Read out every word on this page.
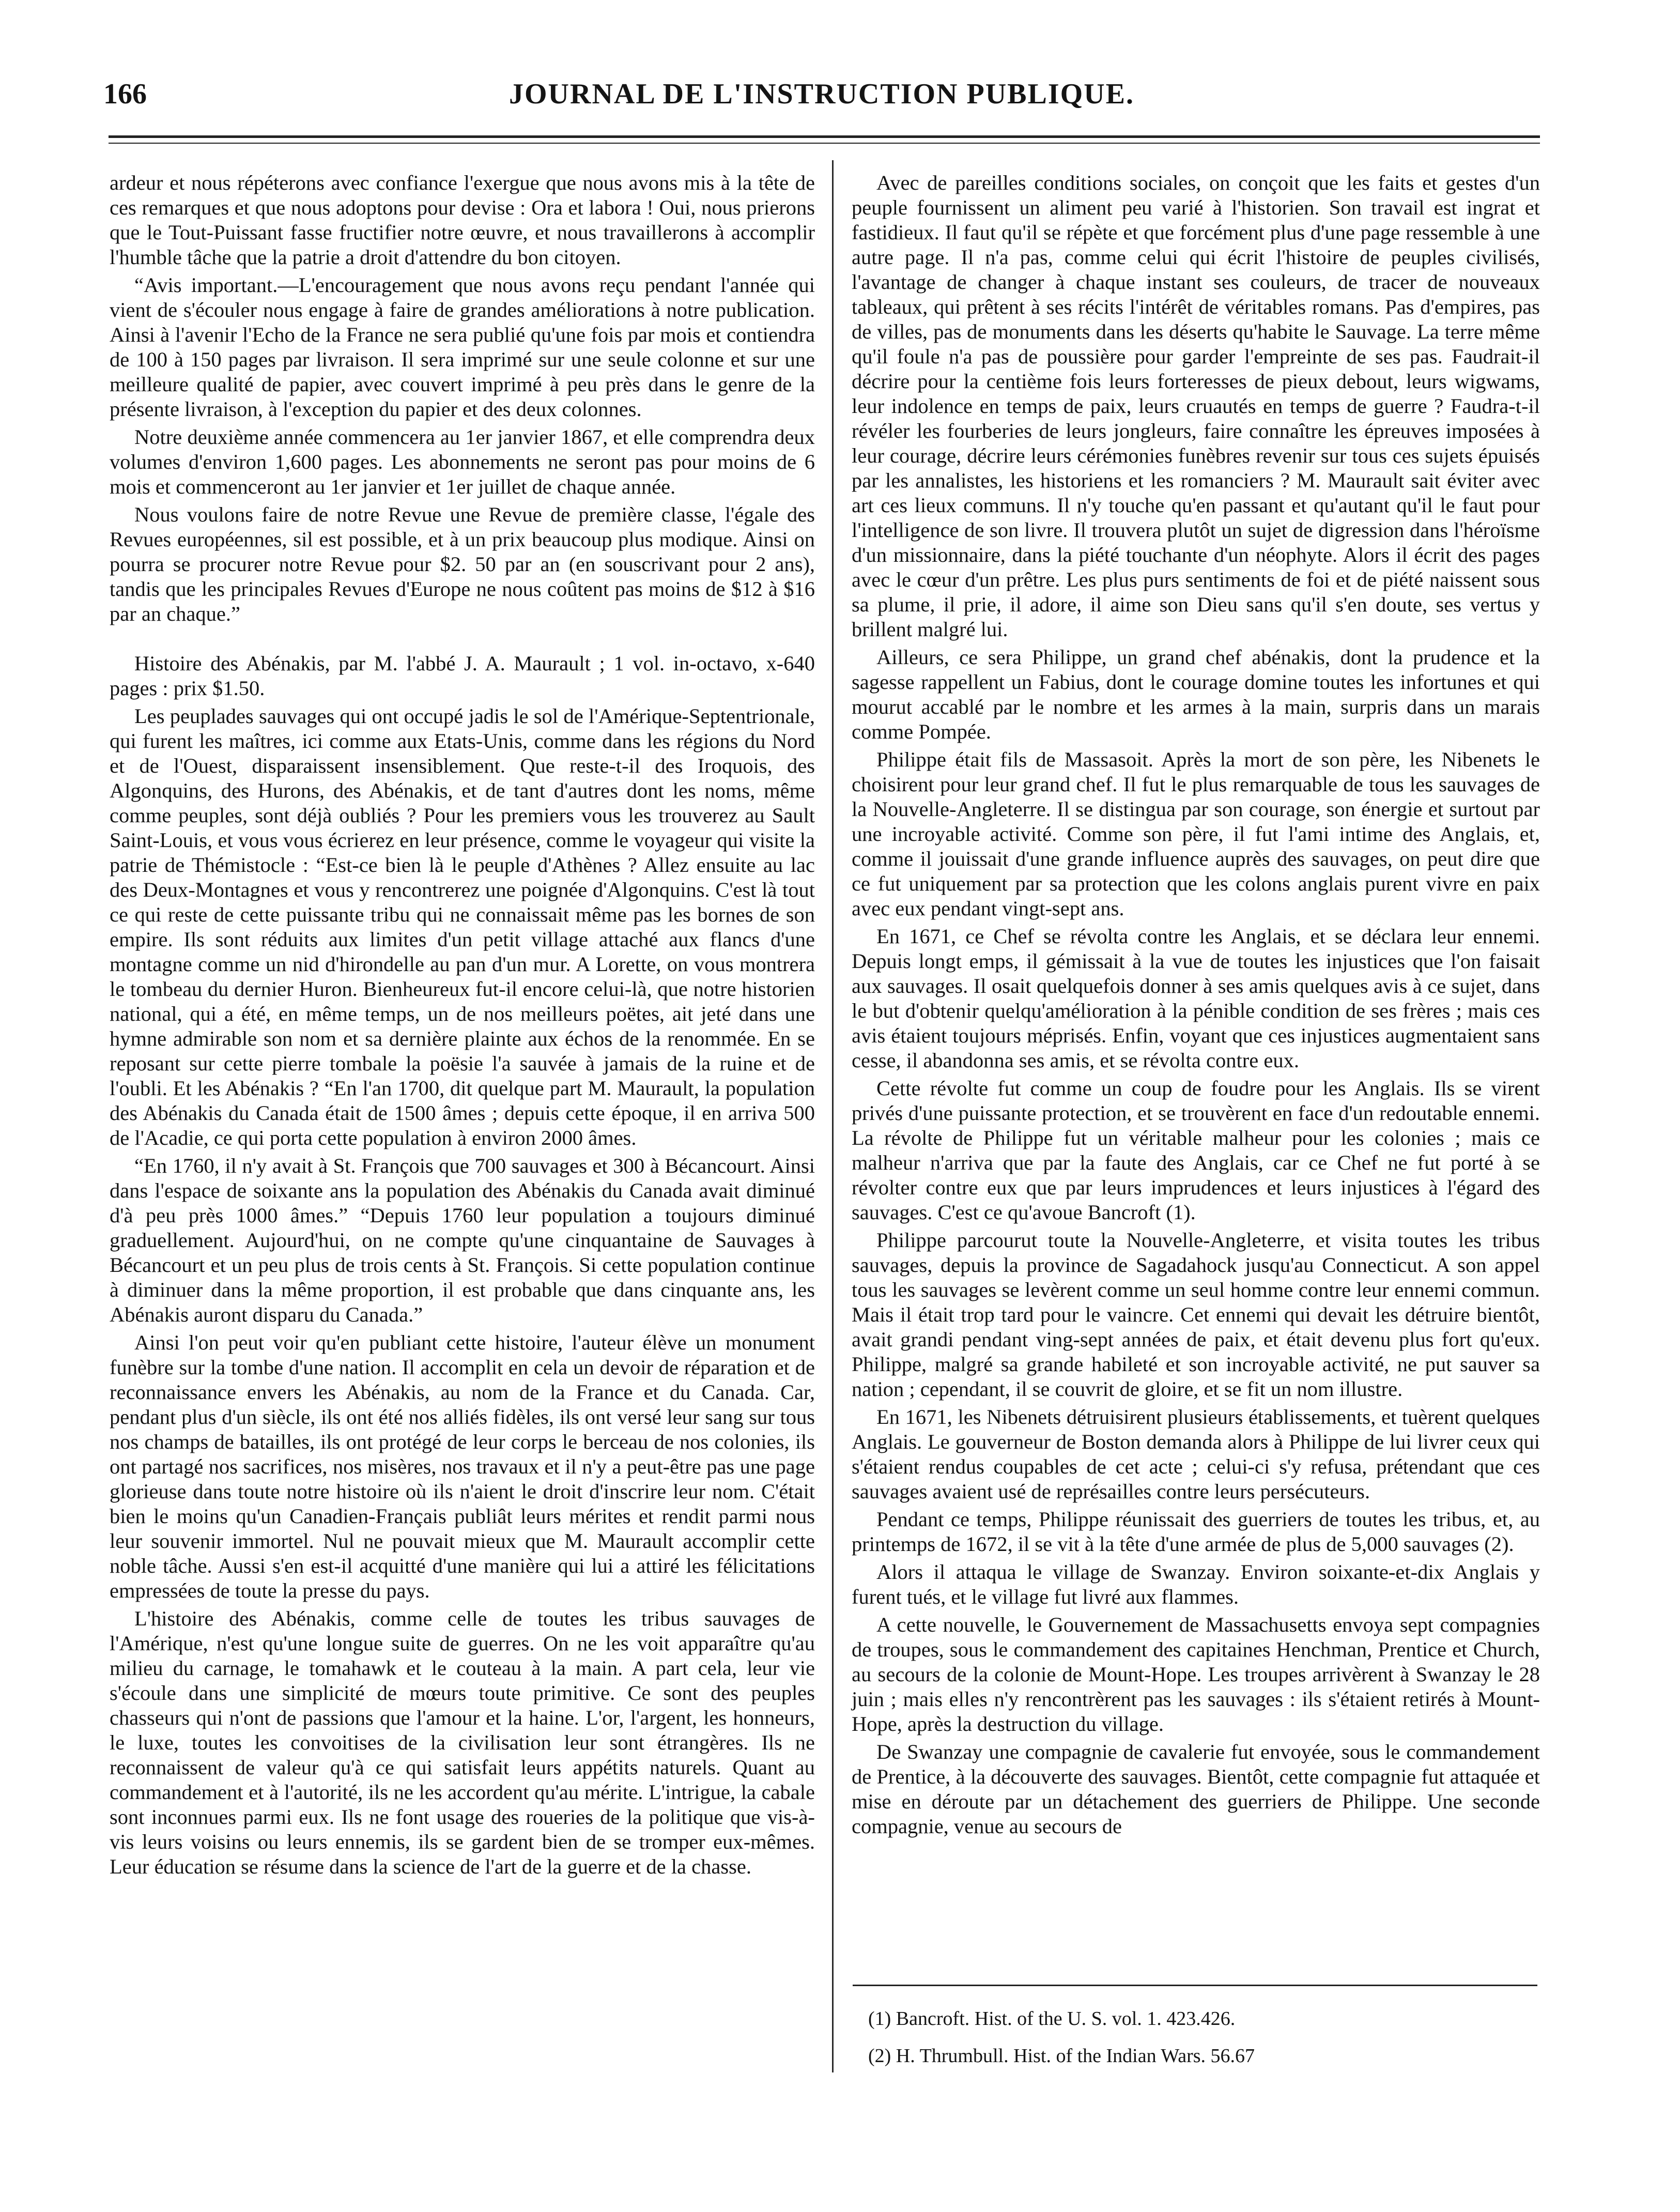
166	JOURNAL DE L'INSTRUCTION PUBLIQUE.

ardeur et nous répéterons avec confiance l'exergue que nous avons mis à la tête de ces remarques et que nous adoptons pour devise : Ora et labora ! Oui, nous prierons que le Tout-Puissant fasse fructifier notre œuvre, et nous travaillerons à accomplir l'humble tâche que la patrie a droit d'attendre du bon citoyen.

“Avis important.—L'encouragement que nous avons reçu pendant l'année qui vient de s'écouler nous engage à faire de grandes améliorations à notre publication. Ainsi à l'avenir l'Echo de la France ne sera publié qu'une fois par mois et contiendra de 100 à 150 pages par livraison. Il sera imprimé sur une seule colonne et sur une meilleure qualité de papier, avec couvert imprimé à peu près dans le genre de la présente livraison, à l'exception du papier et des deux colonnes.

Notre deuxième année commencera au 1er janvier 1867, et elle comprendra deux volumes d'environ 1,600 pages. Les abonnements ne seront pas pour moins de 6 mois et commenceront au 1er janvier et 1er juillet de chaque année.

Nous voulons faire de notre Revue une Revue de première classe, l'égale des Revues européennes, sil est possible, et à un prix beaucoup plus modique. Ainsi on pourra se procurer notre Revue pour $2. 50 par an (en souscrivant pour 2 ans), tandis que les principales Revues d'Europe ne nous coûtent pas moins de $12 à $16 par an chaque.”

Histoire des Abénakis, par M. l'abbé J. A. Maurault ; 1 vol. in-octavo, x-640 pages : prix $1.50.

Les peuplades sauvages qui ont occupé jadis le sol de l'Amérique-Septentrionale, qui furent les maîtres, ici comme aux Etats-Unis, comme dans les régions du Nord et de l'Ouest, disparaissent insensiblement. Que reste-t-il des Iroquois, des Algonquins, des Hurons, des Abénakis, et de tant d'autres dont les noms, même comme peuples, sont déjà oubliés ? Pour les premiers vous les trouverez au Sault Saint-Louis, et vous vous écrierez en leur présence, comme le voyageur qui visite la patrie de Thémistocle : “Est-ce bien là le peuple d'Athènes ? Allez ensuite au lac des Deux-Montagnes et vous y rencontrerez une poignée d'Algonquins. C'est là tout ce qui reste de cette puissante tribu qui ne connaissait même pas les bornes de son empire. Ils sont réduits aux limites d'un petit village attaché aux flancs d'une montagne comme un nid d'hirondelle au pan d'un mur. A Lorette, on vous montrera le tombeau du dernier Huron. Bienheureux fut-il encore celui-là, que notre historien national, qui a été, en même temps, un de nos meilleurs poëtes, ait jeté dans une hymne admirable son nom et sa dernière plainte aux échos de la renommée. En se reposant sur cette pierre tombale la poësie l'a sauvée à jamais de la ruine et de l'oubli. Et les Abénakis ? “En l'an 1700, dit quelque part M. Maurault, la population des Abénakis du Canada était de 1500 âmes ; depuis cette époque, il en arriva 500 de l'Acadie, ce qui porta cette population à environ 2000 âmes.

“En 1760, il n'y avait à St. François que 700 sauvages et 300 à Bécancourt. Ainsi dans l'espace de soixante ans la population des Abénakis du Canada avait diminué d'à peu près 1000 âmes.” “Depuis 1760 leur population a toujours diminué graduellement. Aujourd'hui, on ne compte qu'une cinquantaine de Sauvages à Bécancourt et un peu plus de trois cents à St. François. Si cette population continue à diminuer dans la même proportion, il est probable que dans cinquante ans, les Abénakis auront disparu du Canada.”

Ainsi l'on peut voir qu'en publiant cette histoire, l'auteur élève un monument funèbre sur la tombe d'une nation. Il accomplit en cela un devoir de réparation et de reconnaissance envers les Abénakis, au nom de la France et du Canada. Car, pendant plus d'un siècle, ils ont été nos alliés fidèles, ils ont versé leur sang sur tous nos champs de batailles, ils ont protégé de leur corps le berceau de nos colonies, ils ont partagé nos sacrifices, nos misères, nos travaux et il n'y a peut-être pas une page glorieuse dans toute notre histoire où ils n'aient le droit d'inscrire leur nom. C'était bien le moins qu'un Canadien-Français publiât leurs mérites et rendit parmi nous leur souvenir immortel. Nul ne pouvait mieux que M. Maurault accomplir cette noble tâche. Aussi s'en est-il acquitté d'une manière qui lui a attiré les félicitations empressées de toute la presse du pays.

L'histoire des Abénakis, comme celle de toutes les tribus sauvages de l'Amérique, n'est qu'une longue suite de guerres. On ne les voit apparaître qu'au milieu du carnage, le tomahawk et le couteau à la main. A part cela, leur vie s'écoule dans une simplicité de mœurs toute primitive. Ce sont des peuples chasseurs qui n'ont de passions que l'amour et la haine. L'or, l'argent, les honneurs, le luxe, toutes les convoitises de la civilisation leur sont étrangères. Ils ne reconnaissent de valeur qu'à ce qui satisfait leurs appétits naturels. Quant au commandement et à l'autorité, ils ne les accordent qu'au mérite. L'intrigue, la cabale sont inconnues parmi eux. Ils ne font usage des roueries de la politique que vis-à-vis leurs voisins ou leurs ennemis, ils se gardent bien de se tromper eux-mêmes. Leur éducation se résume dans la science de l'art de la guerre et de la chasse.

Avec de pareilles conditions sociales, on conçoit que les faits et gestes d'un peuple fournissent un aliment peu varié à l'historien. Son travail est ingrat et fastidieux. Il faut qu'il se répète et que forcément plus d'une page ressemble à une autre page. Il n'a pas, comme celui qui écrit l'histoire de peuples civilisés, l'avantage de changer à chaque instant ses couleurs, de tracer de nouveaux tableaux, qui prêtent à ses récits l'intérêt de véritables romans. Pas d'empires, pas de villes, pas de monuments dans les déserts qu'habite le Sauvage. La terre même qu'il foule n'a pas de poussière pour garder l'empreinte de ses pas. Faudrait-il décrire pour la centième fois leurs forteresses de pieux debout, leurs wigwams, leur indolence en temps de paix, leurs cruautés en temps de guerre ? Faudra-t-il révéler les fourberies de leurs jongleurs, faire connaître les épreuves imposées à leur courage, décrire leurs cérémonies funèbres revenir sur tous ces sujets épuisés par les annalistes, les historiens et les romanciers ? M. Maurault sait éviter avec art ces lieux communs. Il n'y touche qu'en passant et qu'autant qu'il le faut pour l'intelligence de son livre. Il trouvera plutôt un sujet de digression dans l'héroïsme d'un missionnaire, dans la piété touchante d'un néophyte. Alors il écrit des pages avec le cœur d'un prêtre. Les plus purs sentiments de foi et de piété naissent sous sa plume, il prie, il adore, il aime son Dieu sans qu'il s'en doute, ses vertus y brillent malgré lui.

Ailleurs, ce sera Philippe, un grand chef abénakis, dont la prudence et la sagesse rappellent un Fabius, dont le courage domine toutes les infortunes et qui mourut accablé par le nombre et les armes à la main, surpris dans un marais comme Pompée.

Philippe était fils de Massasoit. Après la mort de son père, les Nibenets le choisirent pour leur grand chef. Il fut le plus remarquable de tous les sauvages de la Nouvelle-Angleterre. Il se distingua par son courage, son énergie et surtout par une incroyable activité. Comme son père, il fut l'ami intime des Anglais, et, comme il jouissait d'une grande influence auprès des sauvages, on peut dire que ce fut uniquement par sa protection que les colons anglais purent vivre en paix avec eux pendant vingt-sept ans.

En 1671, ce Chef se révolta contre les Anglais, et se déclara leur ennemi. Depuis longt emps, il gémissait à la vue de toutes les injustices que l'on faisait aux sauvages. Il osait quelquefois donner à ses amis quelques avis à ce sujet, dans le but d'obtenir quelqu'amélioration à la pénible condition de ses frères ; mais ces avis étaient toujours méprisés. Enfin, voyant que ces injustices augmentaient sans cesse, il abandonna ses amis, et se révolta contre eux.

Cette révolte fut comme un coup de foudre pour les Anglais. Ils se virent privés d'une puissante protection, et se trouvèrent en face d'un redoutable ennemi. La révolte de Philippe fut un véritable malheur pour les colonies ; mais ce malheur n'arriva que par la faute des Anglais, car ce Chef ne fut porté à se révolter contre eux que par leurs imprudences et leurs injustices à l'égard des sauvages. C'est ce qu'avoue Bancroft (1).

Philippe parcourut toute la Nouvelle-Angleterre, et visita toutes les tribus sauvages, depuis la province de Sagadahock jusqu'au Connecticut. A son appel tous les sauvages se levèrent comme un seul homme contre leur ennemi commun. Mais il était trop tard pour le vaincre. Cet ennemi qui devait les détruire bientôt, avait grandi pendant ving-sept années de paix, et était devenu plus fort qu'eux. Philippe, malgré sa grande habileté et son incroyable activité, ne put sauver sa nation ; cependant, il se couvrit de gloire, et se fit un nom illustre.

En 1671, les Nibenets détruisirent plusieurs établissements, et tuèrent quelques Anglais. Le gouverneur de Boston demanda alors à Philippe de lui livrer ceux qui s'étaient rendus coupables de cet acte ; celui-ci s'y refusa, prétendant que ces sauvages avaient usé de représailles contre leurs persécuteurs.

Pendant ce temps, Philippe réunissait des guerriers de toutes les tribus, et, au printemps de 1672, il se vit à la tête d'une armée de plus de 5,000 sauvages (2).

Alors il attaqua le village de Swanzay. Environ soixante-et-dix Anglais y furent tués, et le village fut livré aux flammes.

A cette nouvelle, le Gouvernement de Massachusetts envoya sept compagnies de troupes, sous le commandement des capitaines Henchman, Prentice et Church, au secours de la colonie de Mount-Hope. Les troupes arrivèrent à Swanzay le 28 juin ; mais elles n'y rencontrèrent pas les sauvages : ils s'étaient retirés à Mount-Hope, après la destruction du village.

De Swanzay une compagnie de cavalerie fut envoyée, sous le commandement de Prentice, à la découverte des sauvages. Bientôt, cette compagnie fut attaquée et mise en déroute par un détachement des guerriers de Philippe. Une seconde compagnie, venue au secours de

(1) Bancroft. Hist. of the U. S. vol. 1. 423.426.

(2) H. Thrumbull. Hist. of the Indian Wars. 56.67
